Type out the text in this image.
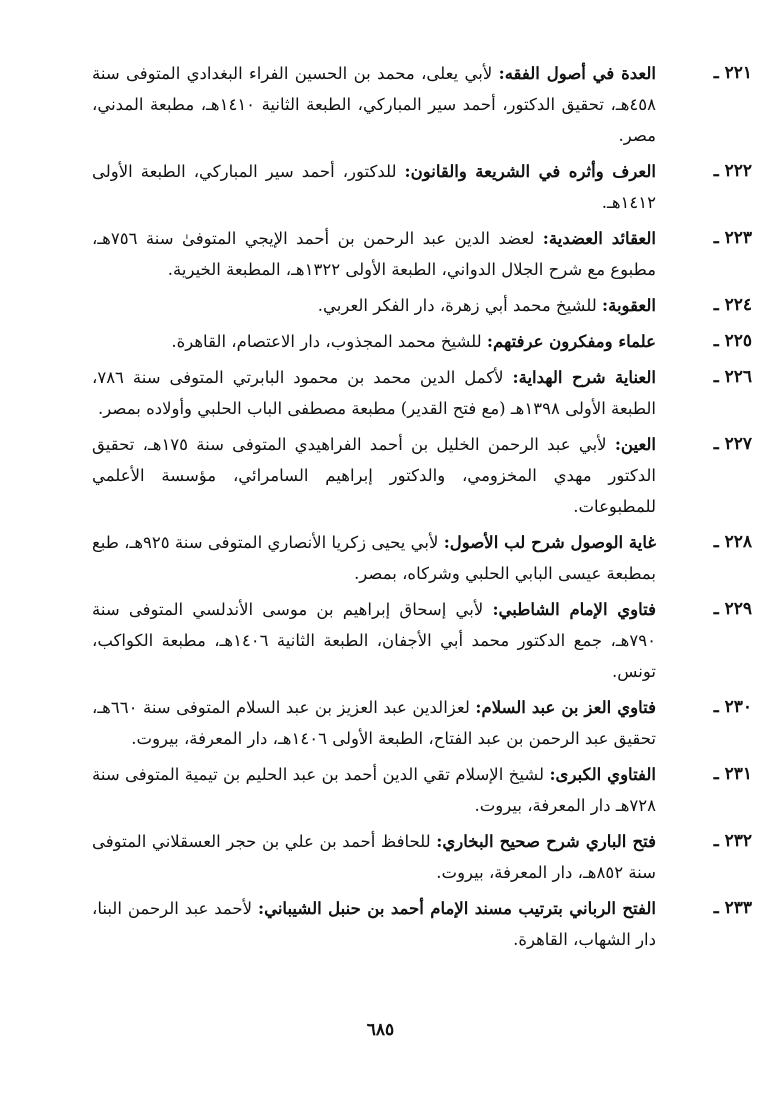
٢٢١ ـ
العدة في أصول الفقه: لأبي يعلى، محمد بن الحسين الفراء البغدادي المتوفى سنة ٤٥٨هـ، تحقيق الدكتور، أحمد سير المباركي، الطبعة الثانية ١٤١٠هـ، مطبعة المدني، مصر.
٢٢٢ ـ
العرف وأثره في الشريعة والقانون: للدكتور، أحمد سير المباركي، الطبعة الأولى ١٤١٢هـ.
٢٢٣ ـ
العقائد العضدية: لعضد الدين عبد الرحمن بن أحمد الإيجي المتوفىٰ سنة ٧٥٦هـ، مطبوع مع شرح الجلال الدواني، الطبعة الأولى ١٣٢٢هـ، المطبعة الخيرية.
٢٢٤ ـ
العقوبة: للشيخ محمد أبي زهرة، دار الفكر العربي.
٢٢٥ ـ
علماء ومفكرون عرفتهم: للشيخ محمد المجذوب، دار الاعتصام، القاهرة.
٢٢٦ ـ
العناية شرح الهداية: لأكمل الدين محمد بن محمود البابرتي المتوفى سنة ٧٨٦، الطبعة الأولى ١٣٩٨هـ (مع فتح القدير) مطبعة مصطفى الباب الحلبي وأولاده بمصر.
٢٢٧ ـ
العين: لأبي عبد الرحمن الخليل بن أحمد الفراهيدي المتوفى سنة ١٧٥هـ، تحقيق الدكتور مهدي المخزومي، والدكتور إبراهيم السامرائي، مؤسسة الأعلمي للمطبوعات.
٢٢٨ ـ
غاية الوصول شرح لب الأصول: لأبي يحيى زكريا الأنصاري المتوفى سنة ٩٢٥هـ، طبع بمطبعة عيسى البابي الحلبي وشركاه، بمصر.
٢٢٩ ـ
فتاوي الإمام الشاطبي: لأبي إسحاق إبراهيم بن موسى الأندلسي المتوفى سنة ٧٩٠هـ، جمع الدكتور محمد أبي الأجفان، الطبعة الثانية ١٤٠٦هـ، مطبعة الكواكب، تونس.
٢٣٠ ـ
فتاوي العز بن عبد السلام: لعزالدين عبد العزيز بن عبد السلام المتوفى سنة ٦٦٠هـ، تحقيق عبد الرحمن بن عبد الفتاح، الطبعة الأولى ١٤٠٦هـ، دار المعرفة، بيروت.
٢٣١ ـ
الفتاوي الكبرى: لشيخ الإسلام تقي الدين أحمد بن عبد الحليم بن تيمية المتوفى سنة ٧٢٨هـ دار المعرفة، بيروت.
٢٣٢ ـ
فتح الباري شرح صحيح البخاري: للحافظ أحمد بن علي بن حجر العسقلاني المتوفى سنة ٨٥٢هـ، دار المعرفة، بيروت.
٢٣٣ ـ
الفتح الرباني بترتيب مسند الإمام أحمد بن حنبل الشيباني: لأحمد عبد الرحمن البنا، دار الشهاب، القاهرة.
٦٨٥
